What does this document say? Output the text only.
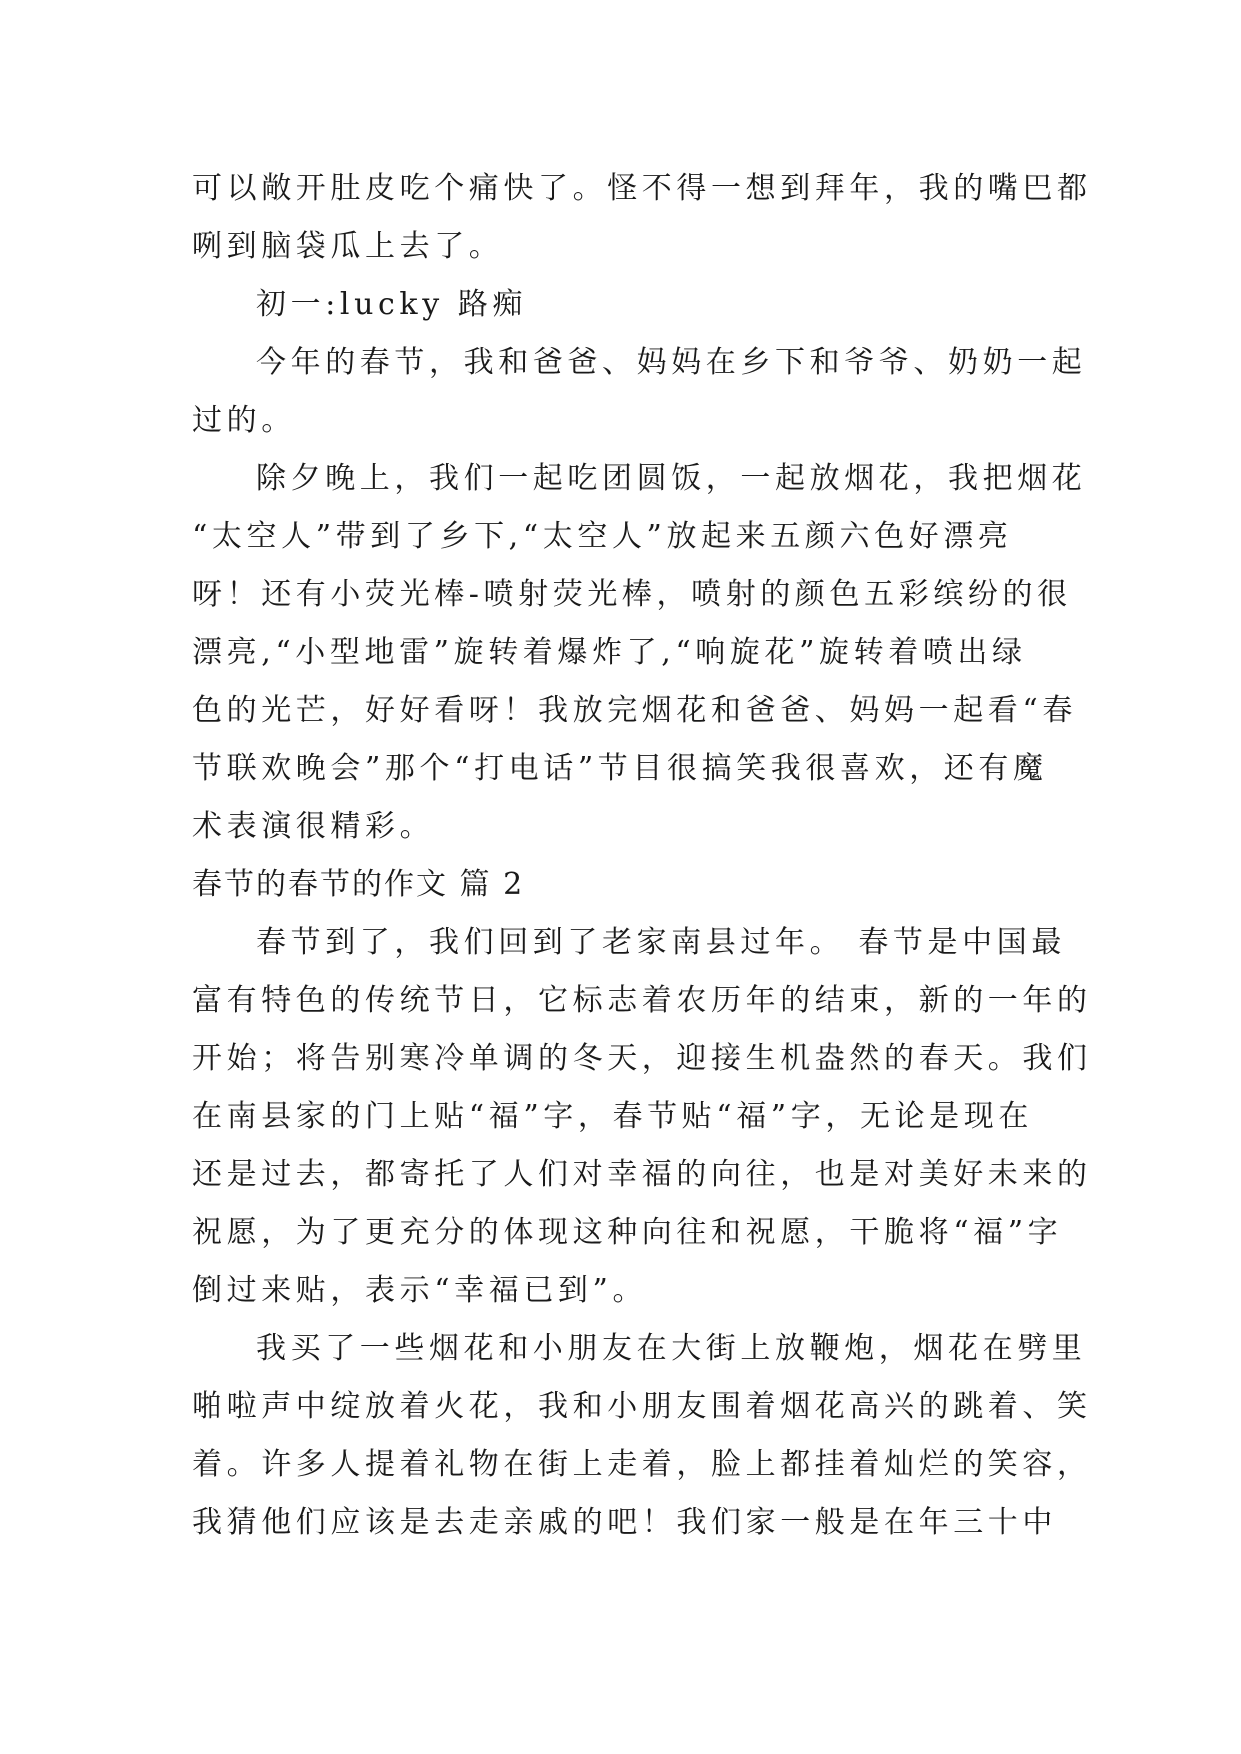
可以敞开肚皮吃个痛快了。怪不得一想到拜年，我的嘴巴都
咧到脑袋瓜上去了。
初一:lucky 路痴
今年的春节，我和爸爸、妈妈在乡下和爷爷、奶奶一起
过的。
除夕晚上，我们一起吃团圆饭，一起放烟花，我把烟花
“太空人”带到了乡下,“太空人”放起来五颜六色好漂亮
呀！还有小荧光棒-喷射荧光棒，喷射的颜色五彩缤纷的很
漂亮,“小型地雷”旋转着爆炸了,“响旋花”旋转着喷出绿
色的光芒，好好看呀！我放完烟花和爸爸、妈妈一起看“春
节联欢晚会”那个“打电话”节目很搞笑我很喜欢，还有魔
术表演很精彩。
春节的春节的作文 篇 2
春节到了，我们回到了老家南县过年。 春节是中国最
富有特色的传统节日，它标志着农历年的结束，新的一年的
开始；将告别寒冷单调的冬天，迎接生机盎然的春天。我们
在南县家的门上贴“福”字，春节贴“福”字，无论是现在
还是过去，都寄托了人们对幸福的向往，也是对美好未来的
祝愿，为了更充分的体现这种向往和祝愿，干脆将“福”字
倒过来贴，表示“幸福已到”。
我买了一些烟花和小朋友在大街上放鞭炮，烟花在劈里
啪啦声中绽放着火花，我和小朋友围着烟花高兴的跳着、笑
着。许多人提着礼物在街上走着，脸上都挂着灿烂的笑容，
我猜他们应该是去走亲戚的吧！我们家一般是在年三十中
